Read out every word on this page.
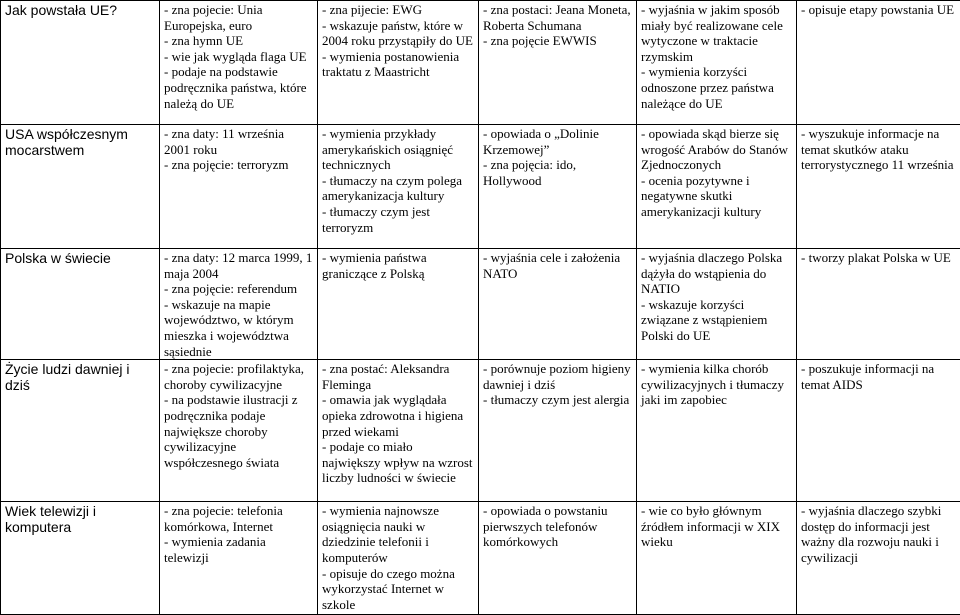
Jak powstała UE?	- zna pojecie: Unia Europejska, euro
- zna hymn UE
- wie jak wygląda flaga UE
- podaje na podstawie podręcznika państwa, które należą do UE	- zna pijecie: EWG
- wskazuje państw, które w 2004 roku przystąpiły do UE
- wymienia postanowienia traktatu z Maastricht	- zna postaci: Jeana Moneta, Roberta Schumana
- zna pojęcie EWWIS	- wyjaśnia w jakim sposób miały być realizowane cele wytyczone w traktacie rzymskim
- wymienia korzyści odnoszone przez państwa należące do UE	- opisuje etapy powstania UE
USA współczesnym mocarstwem	- zna daty: 11 września 2001 roku
- zna pojęcie: terroryzm	- wymienia przykłady amerykańskich osiągnięć technicznych
- tłumaczy na czym polega amerykanizacja kultury
- tłumaczy czym jest terroryzm	- opowiada o „Dolinie Krzemowej”
- zna pojęcia: ido, Hollywood	- opowiada skąd bierze się wrogość Arabów do Stanów Zjednoczonych
- ocenia pozytywne i negatywne skutki amerykanizacji kultury	- wyszukuje informacje na temat skutków ataku terrorystycznego 11 września
Polska w świecie	- zna daty: 12 marca 1999, 1 maja 2004
- zna pojęcie: referendum
- wskazuje na mapie województwo, w którym mieszka i województwa sąsiednie	- wymienia państwa graniczące z Polską	- wyjaśnia cele i założenia NATO	- wyjaśnia dlaczego Polska dążyła do wstąpienia do NATIO
- wskazuje korzyści związane z wstąpieniem Polski do UE	- tworzy plakat Polska w UE
Życie ludzi dawniej i dziś	- zna pojecie: profilaktyka, choroby cywilizacyjne
- na podstawie ilustracji z podręcznika podaje największe choroby cywilizacyjne współczesnego świata	- zna postać: Aleksandra Fleminga
- omawia jak wyglądała opieka zdrowotna i higiena przed wiekami
- podaje co miało największy wpływ na wzrost liczby ludności w świecie	- porównuje poziom higieny dawniej i dziś
- tłumaczy czym jest alergia	- wymienia kilka chorób cywilizacyjnych i tłumaczy jaki im zapobiec	- poszukuje informacji na temat AIDS
Wiek telewizji i komputera	- zna pojecie: telefonia komórkowa, Internet
- wymienia zadania telewizji	- wymienia najnowsze osiągnięcia nauki w dziedzinie telefonii i komputerów
- opisuje do czego można wykorzystać Internet w szkole	- opowiada o powstaniu pierwszych telefonów komórkowych	- wie co było głównym źródłem informacji w XIX wieku	- wyjaśnia dlaczego szybki dostęp do informacji jest ważny dla rozwoju nauki i cywilizacji
